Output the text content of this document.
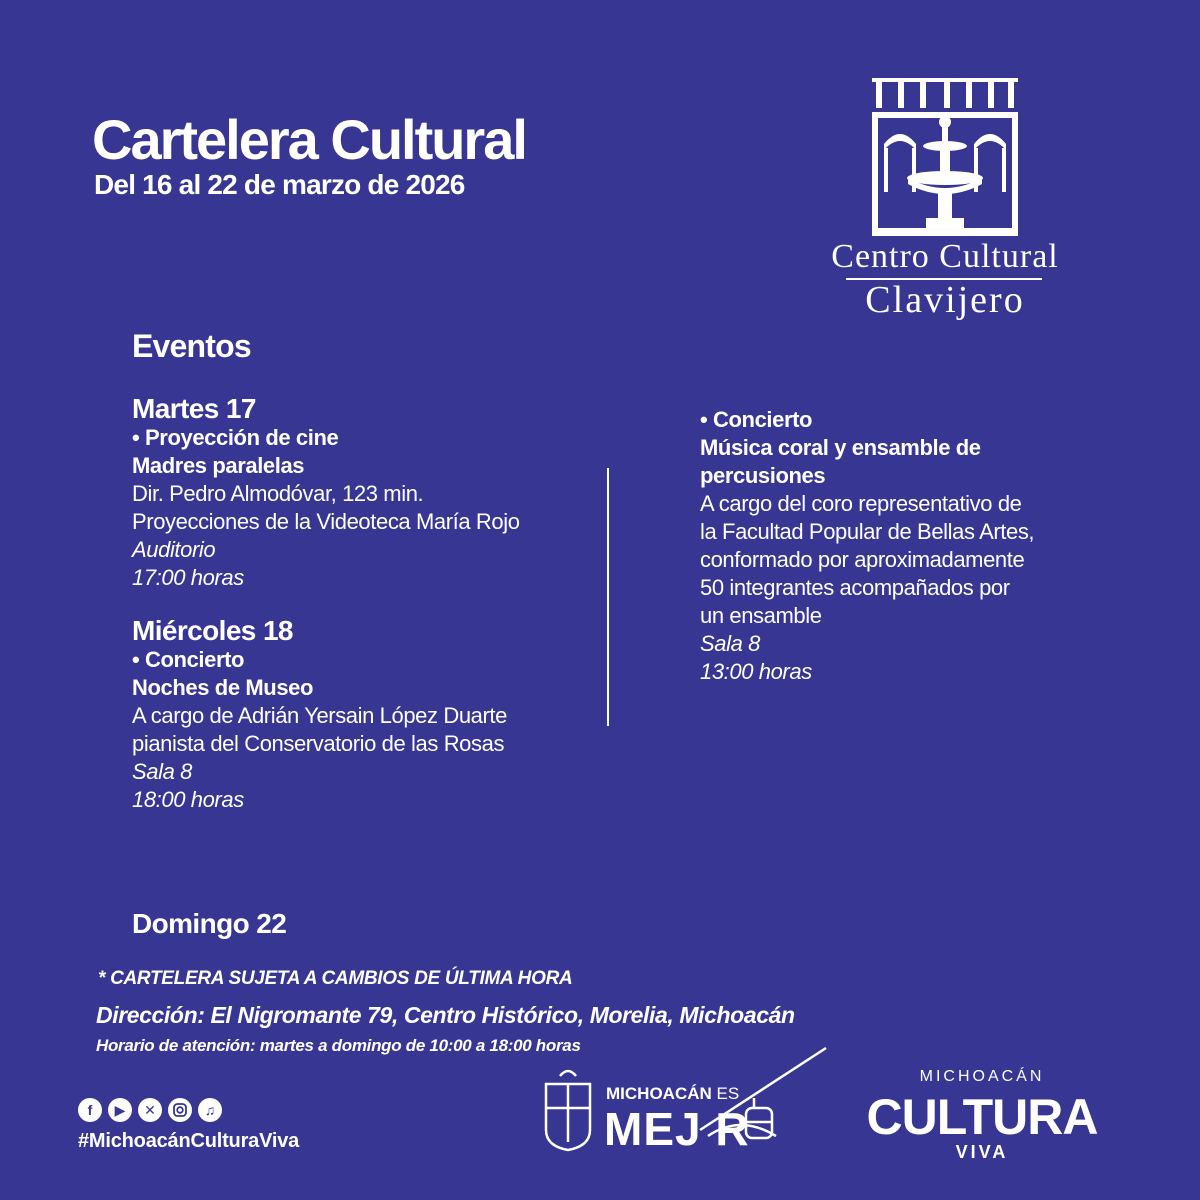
Cartelera Cultural
Del 16 al 22 de marzo de 2026
Centro Cultural
Clavijero
Eventos
Martes 17
• Proyección de cine
Madres paralelas
Dir. Pedro Almodóvar, 123 min.
Proyecciones de la Videoteca María Rojo
Auditorio
17:00 horas
Miércoles 18
• Concierto
Noches de Museo
A cargo de Adrián Yersain López Duarte
pianista del Conservatorio de las Rosas
Sala 8
18:00 horas
• Concierto
Música coral y ensamble de
percusiones
A cargo del coro representativo de
la Facultad Popular de Bellas Artes,
conformado por aproximadamente
50 integrantes acompañados por
un ensamble
Sala 8
13:00 horas
Domingo 22
* CARTELERA SUJETA A CAMBIOS DE ÚLTIMA HORA
Dirección: El Nigromante 79, Centro Histórico, Morelia, Michoacán
Horario de atención: martes a domingo de 10:00 a 18:00 horas
f	▶	✕	♫
#MichoacánCulturaViva
MICHOACÁN ES
MEJ R
MICHOACÁN
CULTURA
VIVA
